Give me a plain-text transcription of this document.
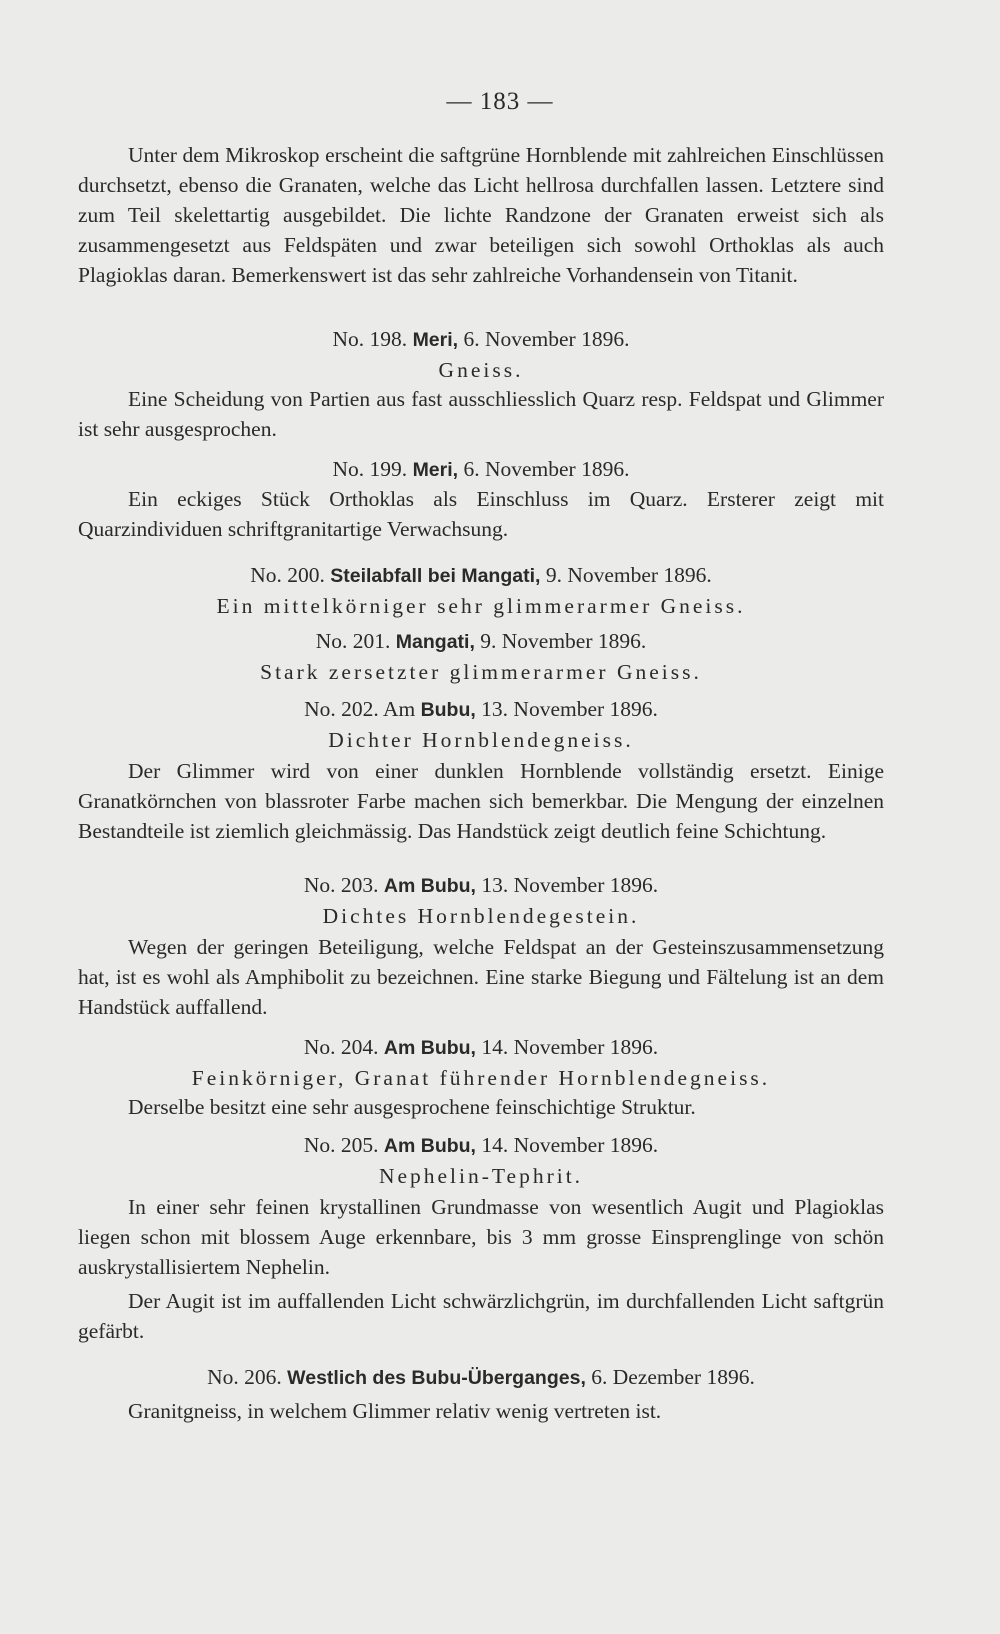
— 183 —

Unter dem Mikroskop erscheint die saftgrüne Hornblende mit zahlreichen Einschlüssen durchsetzt, ebenso die Granaten, welche das Licht hellrosa durchfallen lassen. Letztere sind zum Teil skelettartig ausgebildet. Die lichte Randzone der Granaten erweist sich als zusammengesetzt aus Feldspäten und zwar beteiligen sich sowohl Orthoklas als auch Plagioklas daran. Bemerkenswert ist das sehr zahlreiche Vorhandensein von Titanit.

No. 198. Meri, 6. November 1896.

Gneiss.

Eine Scheidung von Partien aus fast ausschliesslich Quarz resp. Feldspat und Glimmer ist sehr ausgesprochen.

No. 199. Meri, 6. November 1896.

Ein eckiges Stück Orthoklas als Einschluss im Quarz. Ersterer zeigt mit Quarzindividuen schriftgranitartige Verwachsung.

No. 200. Steilabfall bei Mangati, 9. November 1896.

Ein mittelkörniger sehr glimmerarmer Gneiss.

No. 201. Mangati, 9. November 1896.

Stark zersetzter glimmerarmer Gneiss.

No. 202. Am Bubu, 13. November 1896.

Dichter Hornblendegneiss.

Der Glimmer wird von einer dunklen Hornblende vollständig ersetzt. Einige Granatkörnchen von blassroter Farbe machen sich bemerkbar. Die Mengung der einzelnen Bestandteile ist ziemlich gleichmässig. Das Handstück zeigt deutlich feine Schichtung.

No. 203. Am Bubu, 13. November 1896.

Dichtes Hornblendegestein.

Wegen der geringen Beteiligung, welche Feldspat an der Gesteinszusammensetzung hat, ist es wohl als Amphibolit zu bezeichnen. Eine starke Biegung und Fältelung ist an dem Handstück auffallend.

No. 204. Am Bubu, 14. November 1896.

Feinkörniger, Granat führender Hornblendegneiss.

Derselbe besitzt eine sehr ausgesprochene feinschichtige Struktur.

No. 205. Am Bubu, 14. November 1896.

Nephelin-Tephrit.

In einer sehr feinen krystallinen Grundmasse von wesentlich Augit und Plagioklas liegen schon mit blossem Auge erkennbare, bis 3 mm grosse Einsprenglinge von schön auskrystallisiertem Nephelin.

Der Augit ist im auffallenden Licht schwärzlichgrün, im durchfallenden Licht saftgrün gefärbt.

No. 206. Westlich des Bubu-Überganges, 6. Dezember 1896.

Granitgneiss, in welchem Glimmer relativ wenig vertreten ist.
